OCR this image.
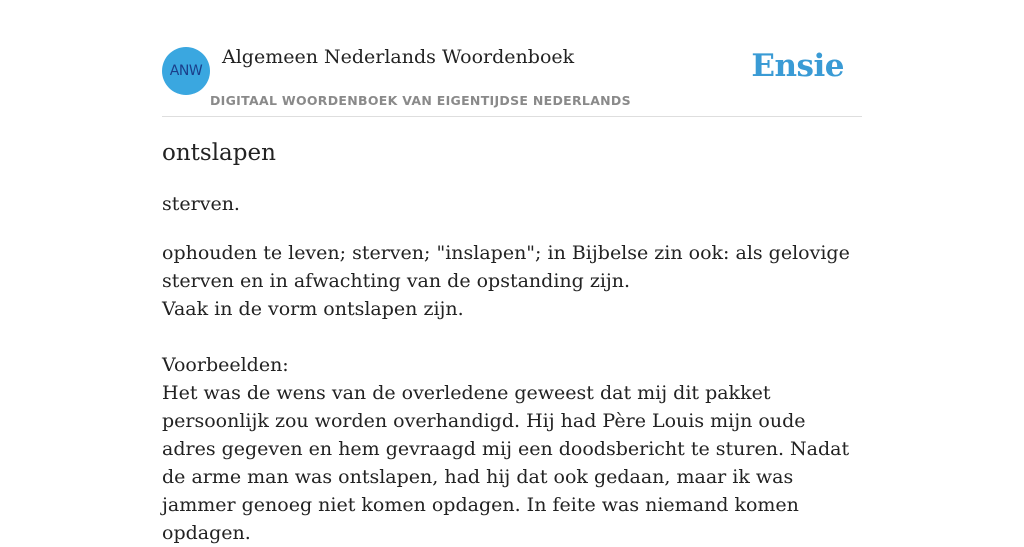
ANW
Algemeen Nederlands Woordenboek
DIGITAAL WOORDENBOEK VAN EIGENTIJDSE NEDERLANDS
Ensie
ontslapen
sterven.

ophouden te leven; sterven; "inslapen"; in Bijbelse zin ook: als gelovige sterven en in afwachting van de opstanding zijn.

Vaak in de vorm ontslapen zijn.

Voorbeelden:

Het was de wens van de overledene geweest dat mij dit pakket persoonlijk zou worden overhandigd. Hij had Père Louis mijn oude adres gegeven en hem gevraagd mij een doodsbericht te sturen. Nadat de arme man was ontslapen, had hij dat ook gedaan, maar ik was jammer genoeg niet komen opdagen. In feite was niemand komen opdagen.
